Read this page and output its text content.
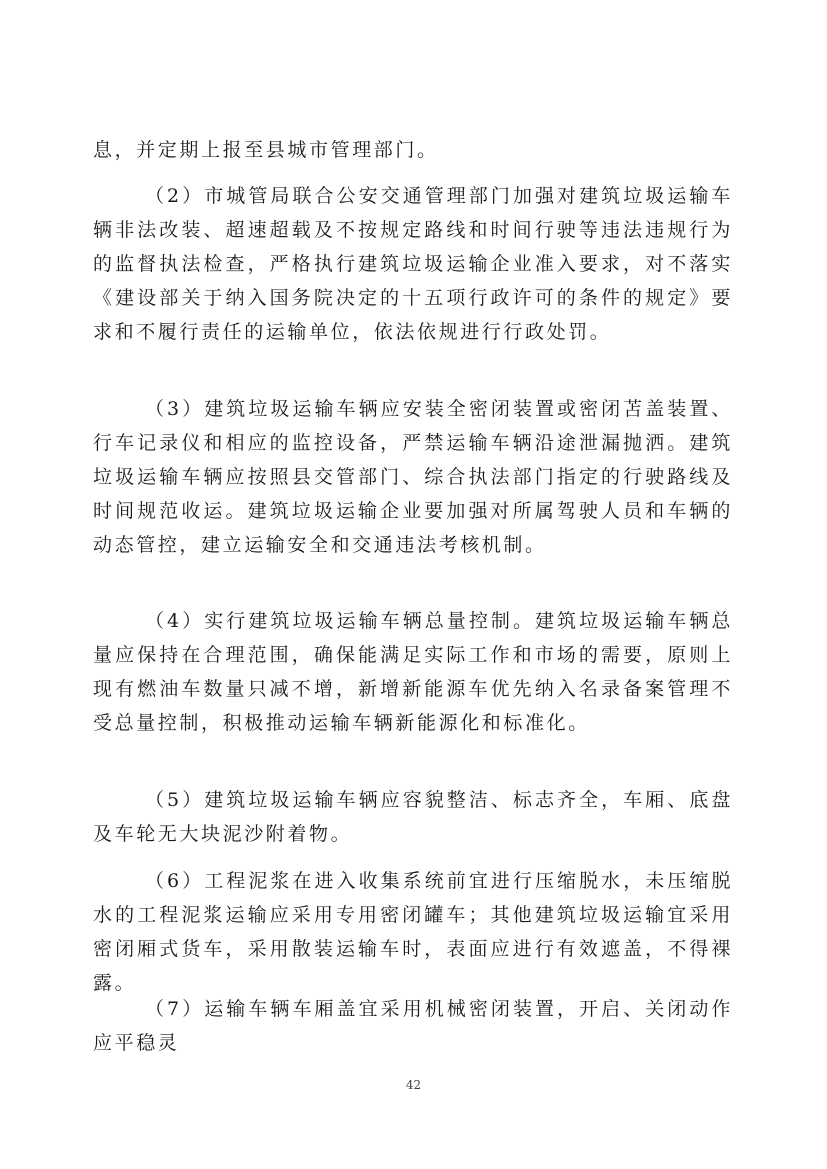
息，并定期上报至县城市管理部门。

（2）市城管局联合公安交通管理部门加强对建筑垃圾运输车辆非法改装、超速超载及不按规定路线和时间行驶等违法违规行为的监督执法检查，严格执行建筑垃圾运输企业准入要求，对不落实《建设部关于纳入国务院决定的十五项行政许可的条件的规定》要求和不履行责任的运输单位，依法依规进行行政处罚。

（3）建筑垃圾运输车辆应安装全密闭装置或密闭苫盖装置、行车记录仪和相应的监控设备，严禁运输车辆沿途泄漏抛洒。建筑垃圾运输车辆应按照县交管部门、综合执法部门指定的行驶路线及时间规范收运。建筑垃圾运输企业要加强对所属驾驶人员和车辆的动态管控，建立运输安全和交通违法考核机制。

（4）实行建筑垃圾运输车辆总量控制。建筑垃圾运输车辆总量应保持在合理范围，确保能满足实际工作和市场的需要，原则上现有燃油车数量只减不增，新增新能源车优先纳入名录备案管理不受总量控制，积极推动运输车辆新能源化和标准化。

（5）建筑垃圾运输车辆应容貌整洁、标志齐全，车厢、底盘及车轮无大块泥沙附着物。

（6）工程泥浆在进入收集系统前宜进行压缩脱水，未压缩脱水的工程泥浆运输应采用专用密闭罐车；其他建筑垃圾运输宜采用密闭厢式货车，采用散装运输车时，表面应进行有效遮盖，不得裸露。

（7）运输车辆车厢盖宜采用机械密闭装置，开启、关闭动作应平稳灵

42
